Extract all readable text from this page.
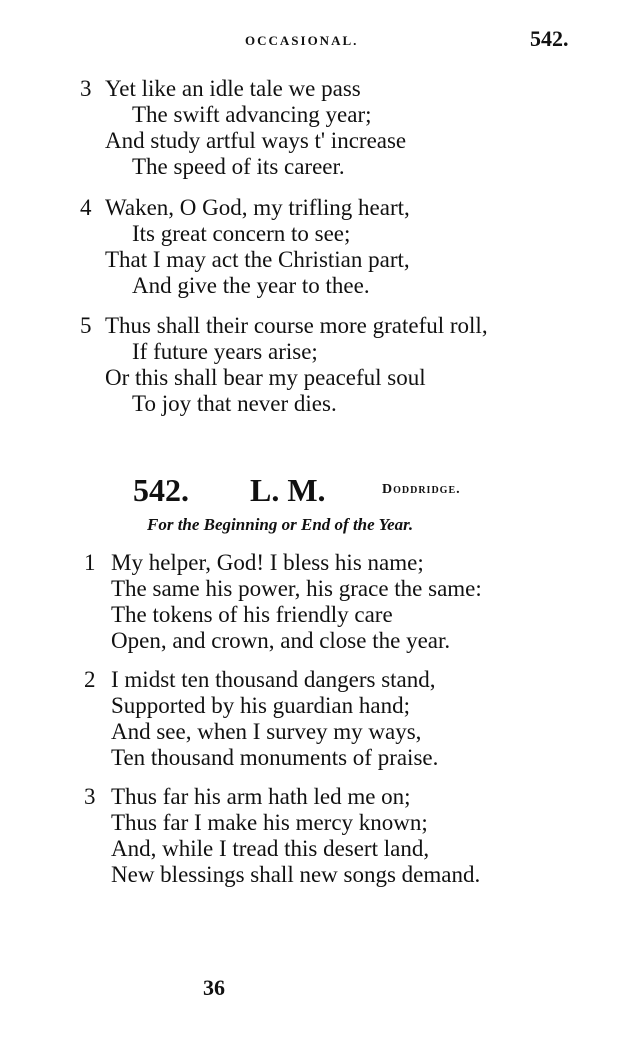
OCCASIONAL.	542.
3 Yet like an idle tale we pass
The swift advancing year;
And study artful ways t' increase
The speed of its career.
4 Waken, O God, my trifling heart,
Its great concern to see;
That I may act the Christian part,
And give the year to thee.
5 Thus shall their course more grateful roll,
If future years arise;
Or this shall bear my peaceful soul
To joy that never dies.
542. L. M.	Doddridge.
For the Beginning or End of the Year.
1 My helper, God! I bless his name;
The same his power, his grace the same:
The tokens of his friendly care
Open, and crown, and close the year.
2 I midst ten thousand dangers stand,
Supported by his guardian hand;
And see, when I survey my ways,
Ten thousand monuments of praise.
3 Thus far his arm hath led me on;
Thus far I make his mercy known;
And, while I tread this desert land,
New blessings shall new songs demand.
36
